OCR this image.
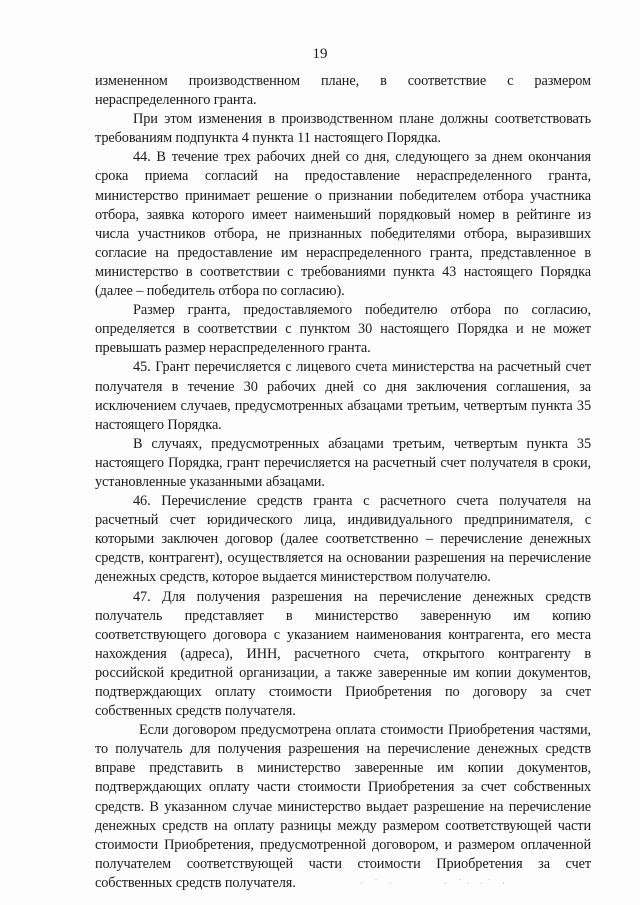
19

измененном производственном плане, в соответствие с размером нераспределенного гранта.

При этом изменения в производственном плане должны соответствовать требованиям подпункта 4 пункта 11 настоящего Порядка.

44. В течение трех рабочих дней со дня, следующего за днем окончания срока приема согласий на предоставление нераспределенного гранта, министерство принимает решение о признании победителем отбора участника отбора, заявка которого имеет наименьший порядковый номер в рейтинге из числа участников отбора, не признанных победителями отбора, выразивших согласие на предоставление им нераспределенного гранта, представленное в министерство в соответствии с требованиями пункта 43 настоящего Порядка (далее – победитель отбора по согласию).

Размер гранта, предоставляемого победителю отбора по согласию, определяется в соответствии с пунктом 30 настоящего Порядка и не может превышать размер нераспределенного гранта.

45. Грант перечисляется с лицевого счета министерства на расчетный счет получателя в течение 30 рабочих дней со дня заключения соглашения, за исключением случаев, предусмотренных абзацами третьим, четвертым пункта 35 настоящего Порядка.

В случаях, предусмотренных абзацами третьим, четвертым пункта 35 настоящего Порядка, грант перечисляется на расчетный счет получателя в сроки, установленные указанными абзацами.

46. Перечисление средств гранта с расчетного счета получателя на расчетный счет юридического лица, индивидуального предпринимателя, с которыми заключен договор (далее соответственно – перечисление денежных средств, контрагент), осуществляется на основании разрешения на перечисление денежных средств, которое выдается министерством получателю.

47. Для получения разрешения на перечисление денежных средств получатель представляет в министерство заверенную им копию соответствующего договора с указанием наименования контрагента, его места нахождения (адреса), ИНН, расчетного счета, открытого контрагенту в российской кредитной организации, а также заверенные им копии документов, подтверждающих оплату стоимости Приобретения по договору за счет собственных средств получателя.

Если договором предусмотрена оплата стоимости Приобретения частями, то получатель для получения разрешения на перечисление денежных средств вправе представить в министерство заверенные им копии документов, подтверждающих оплату части стоимости Приобретения за счет собственных средств. В указанном случае министерство выдает разрешение на перечисление денежных средств на оплату разницы между размером соответствующей части стоимости Приобретения, предусмотренной договором, и размером оплаченной получателем соответствующей части стоимости Приобретения за счет собственных средств получателя.	· ˙ ·       · ˙· ·˙ ·
